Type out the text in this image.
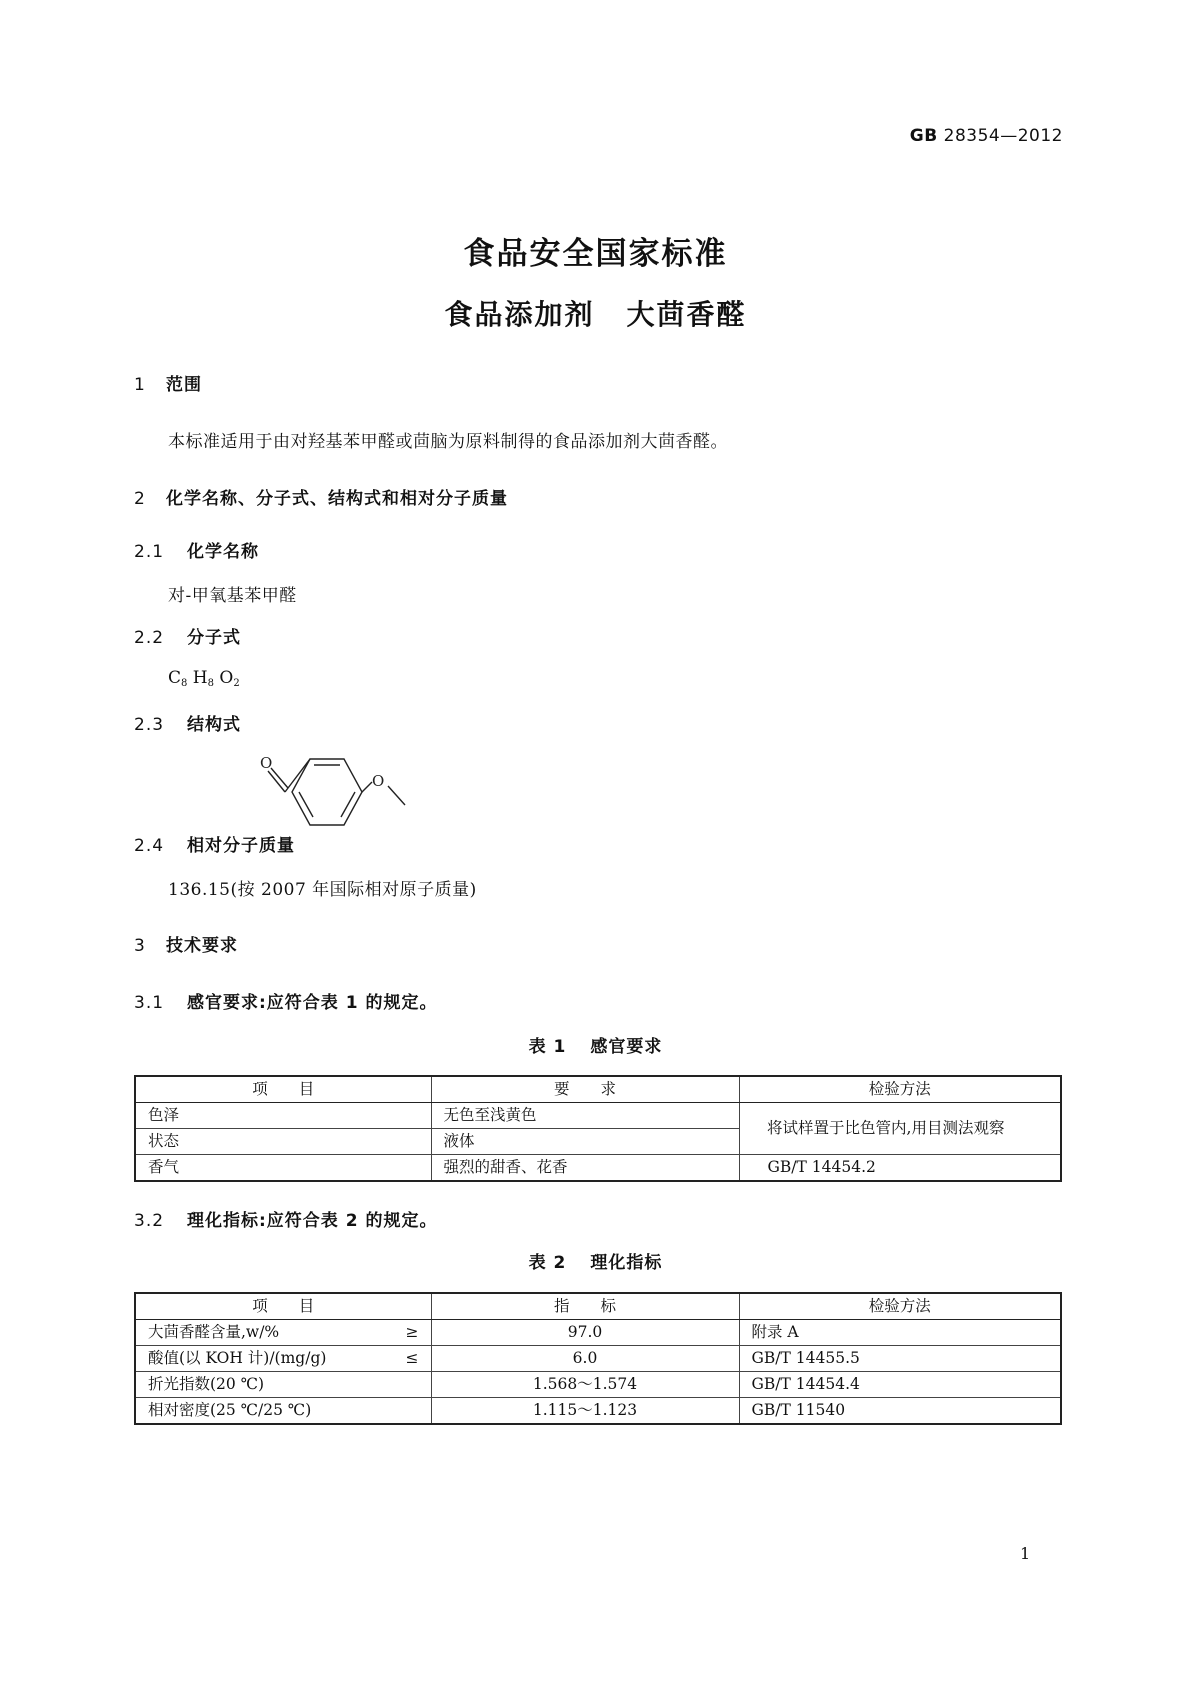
GB 28354—2012
食品安全国家标准
食品添加剂 大茴香醛
1 范围
本标准适用于由对羟基苯甲醛或茴脑为原料制得的食品添加剂大茴香醛。
2 化学名称、分子式、结构式和相对分子质量
2.1 化学名称
对-甲氧基苯甲醛
2.2 分子式
$C_8$ $H_8$ $O_2$
2.3 结构式
O
O
2.4 相对分子质量
136.15(按 2007 年国际相对原子质量)
3 技术要求
3.1 感官要求:应符合表 1 的规定。
表 1 感官要求
项　　目	要　　求	检验方法
色泽	无色至浅黄色	　将试样置于比色管内,用目测法观察
状态	液体	
香气	强烈的甜香、花香	GB/T 14454.2
3.2 理化指标:应符合表 2 的规定。
表 2 理化指标
项　　目	指　　标	检验方法
大茴香醛含量,w/% ≥	97.0	附录 A
酸值(以 KOH 计)/(mg/g) ≤	6.0	GB/T 14455.5
折光指数(20 ℃)	1.568～1.574	GB/T 14454.4
相对密度(25 ℃/25 ℃)	1.115～1.123	GB/T 11540
1
